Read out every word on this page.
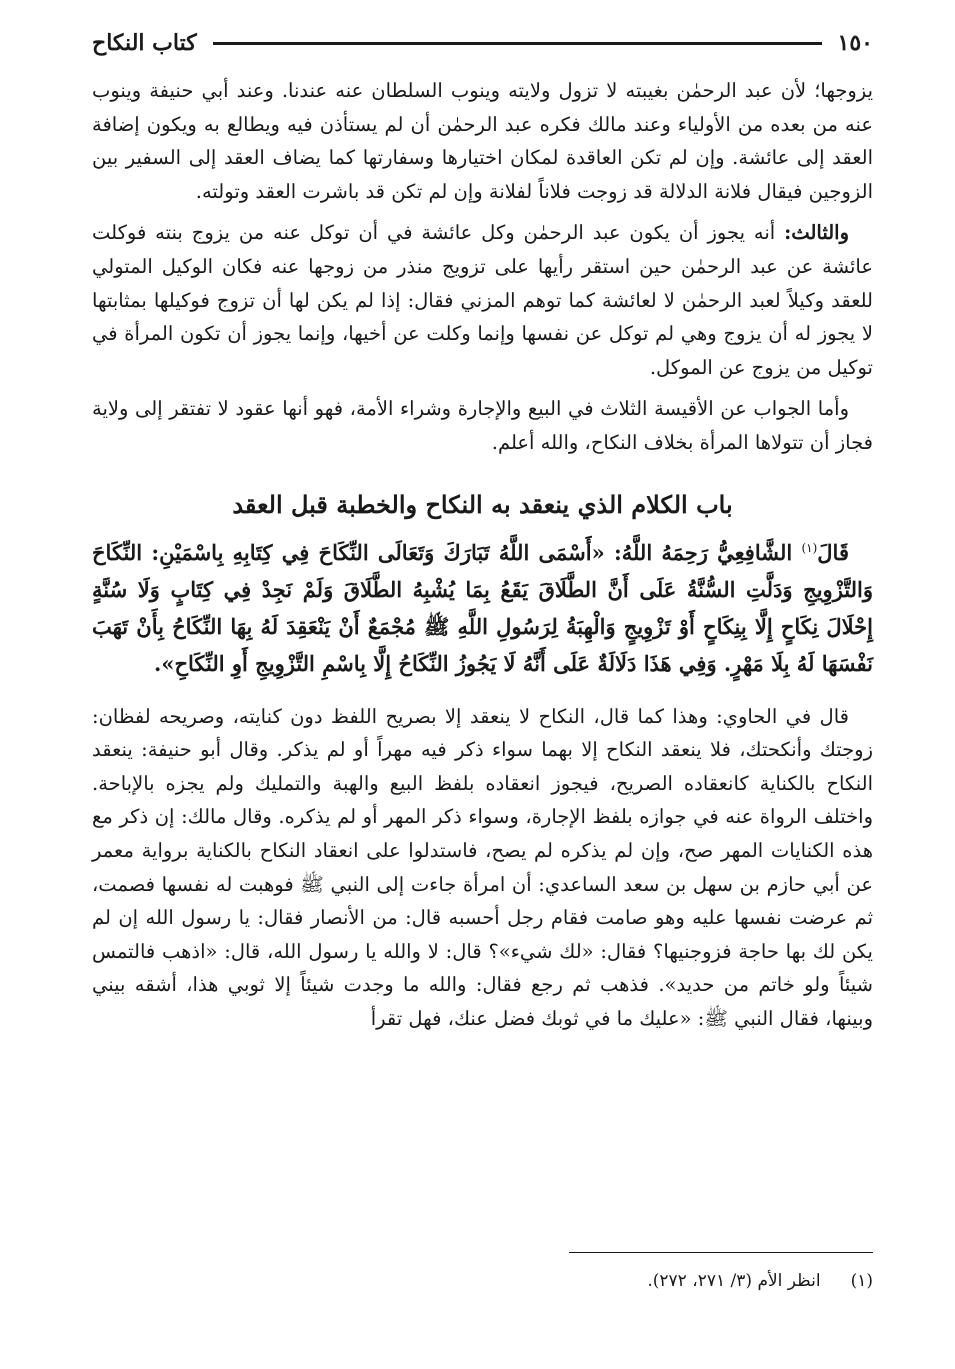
١٥٠
كتاب النكاح

يزوجها؛ لأن عبد الرحمٰن بغيبته لا تزول ولايته وينوب السلطان عنه عندنا. وعند أبي حنيفة وينوب عنه من بعده من الأولياء وعند مالك فكره عبد الرحمٰن أن لم يستأذن فيه ويطالع به ويكون إضافة العقد إلى عائشة. وإن لم تكن العاقدة لمكان اختيارها وسفارتها كما يضاف العقد إلى السفير بين الزوجين فيقال فلانة الدلالة قد زوجت فلاناً لفلانة وإن لم تكن قد باشرت العقد وتولته.

والثالث: أنه يجوز أن يكون عبد الرحمٰن وكل عائشة في أن توكل عنه من يزوج بنته فوكلت عائشة عن عبد الرحمٰن حين استقر رأيها على تزويج منذر من زوجها عنه فكان الوكيل المتولي للعقد وكيلاً لعبد الرحمٰن لا لعائشة كما توهم المزني فقال: إذا لم يكن لها أن تزوج فوكيلها بمثابتها لا يجوز له أن يزوج وهي لم توكل عن نفسها وإنما وكلت عن أخيها، وإنما يجوز أن تكون المرأة في توكيل من يزوج عن الموكل.

وأما الجواب عن الأقيسة الثلاث في البيع والإجارة وشراء الأمة، فهو أنها عقود لا تفتقر إلى ولاية فجاز أن تتولاها المرأة بخلاف النكاح، والله أعلم.

باب الكلام الذي ينعقد به النكاح والخطبة قبل العقد

قَالَ$^{(١)}$ الشَّافِعِيُّ رَحِمَهُ اللَّهُ: «أَسْمَى اللَّهُ تَبَارَكَ وَتَعَالَى النِّكَاحَ فِي كِتَابِهِ بِاسْمَيْنِ: النِّكَاحَ وَالتَّزْوِيجِ وَدَلَّتِ السُّنَّةُ عَلَى أَنَّ الطَّلَاقَ يَقَعُ بِمَا يُشْبِهُ الطَّلَاقَ وَلَمْ نَجِدْ فِي كِتَابٍ وَلَا سُنَّةٍ إِحْلَالَ نِكَاحٍ إِلَّا بِنِكَاحٍ أَوْ تَزْوِيجٍ وَالْهِبَةُ لِرَسُولِ اللَّهِ ﷺ مُجْمَعٌ أَنْ يَنْعَقِدَ لَهُ بِهَا النِّكَاحُ بِأَنْ تَهَبَ نَفْسَهَا لَهُ بِلَا مَهْرٍ. وَفِي هَذَا دَلَالَةٌ عَلَى أَنَّهُ لَا يَجُوزُ النِّكَاحُ إِلَّا بِاسْمِ التَّزْوِيجِ أَوِ النِّكَاحِ».

قال في الحاوي: وهذا كما قال، النكاح لا ينعقد إلا بصريح اللفظ دون كنايته، وصريحه لفظان: زوجتك وأنكحتك، فلا ينعقد النكاح إلا بهما سواء ذكر فيه مهراً أو لم يذكر. وقال أبو حنيفة: ينعقد النكاح بالكناية كانعقاده الصريح، فيجوز انعقاده بلفظ البيع والهبة والتمليك ولم يجزه بالإباحة. واختلف الرواة عنه في جوازه بلفظ الإجارة، وسواء ذكر المهر أو لم يذكره. وقال مالك: إن ذكر مع هذه الكنايات المهر صح، وإن لم يذكره لم يصح، فاستدلوا على انعقاد النكاح بالكناية برواية معمر عن أبي حازم بن سهل بن سعد الساعدي: أن امرأة جاءت إلى النبي ﷺ فوهبت له نفسها فصمت، ثم عرضت نفسها عليه وهو صامت فقام رجل أحسبه قال: من الأنصار فقال: يا رسول الله إن لم يكن لك بها حاجة فزوجنيها؟ فقال: «لك شيء»؟ قال: لا والله يا رسول الله، قال: «اذهب فالتمس شيئاً ولو خاتم من حديد». فذهب ثم رجع فقال: والله ما وجدت شيئاً إلا ثوبي هذا، أشقه بيني وبينها، فقال النبي ﷺ: «عليك ما في ثوبك فضل عنك، فهل تقرأ

(١)انظر الأم (٣/ ٢٧١، ٢٧٢).
